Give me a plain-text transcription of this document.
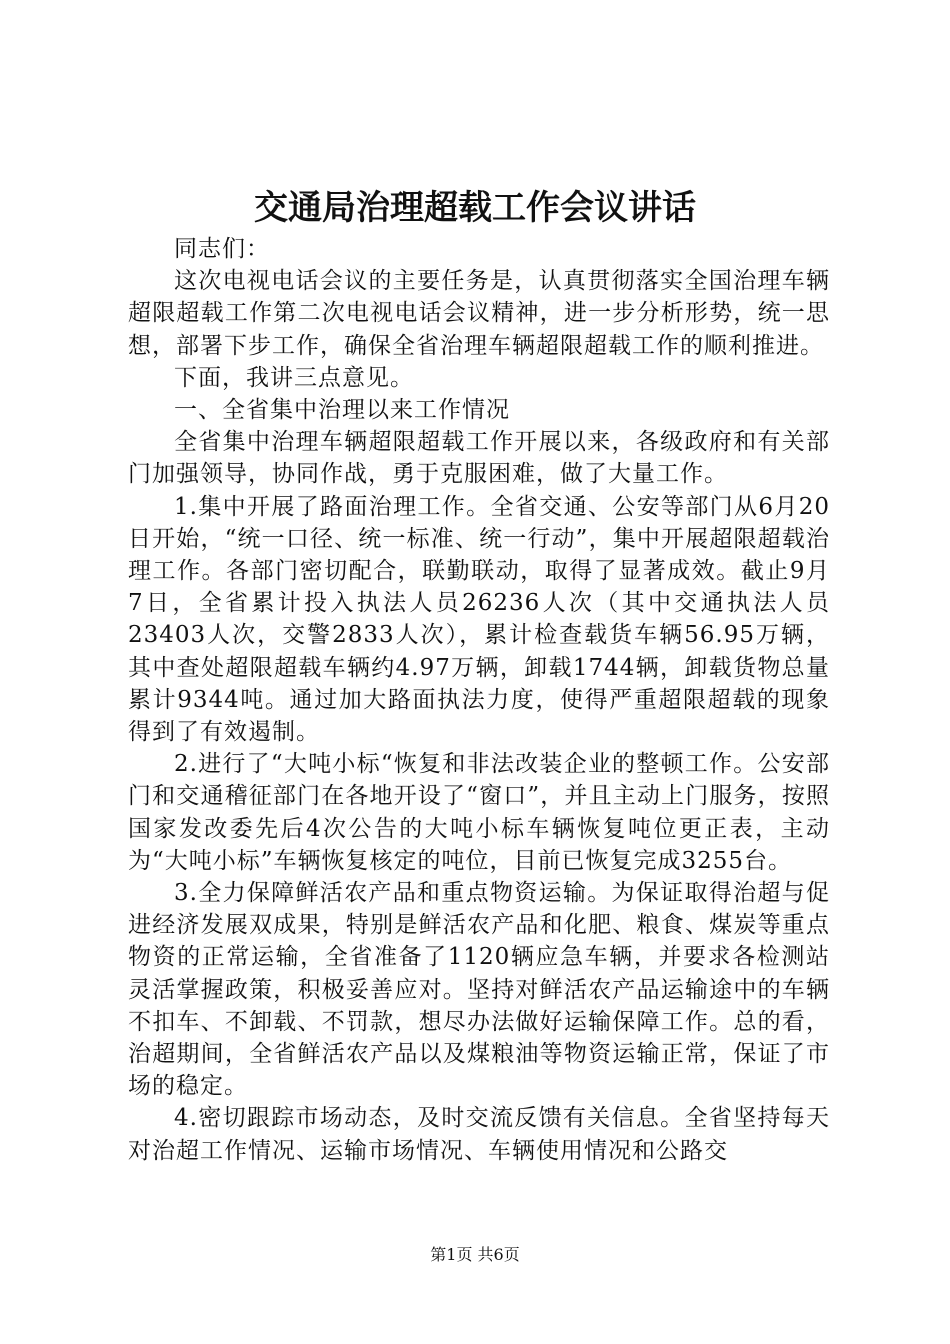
交通局治理超载工作会议讲话

同志们：

这次电视电话会议的主要任务是，认真贯彻落实全国治理车辆超限超载工作第二次电视电话会议精神，进一步分析形势，统一思想，部署下步工作，确保全省治理车辆超限超载工作的顺利推进。

下面，我讲三点意见。

一、全省集中治理以来工作情况

全省集中治理车辆超限超载工作开展以来，各级政府和有关部门加强领导，协同作战，勇于克服困难，做了大量工作。

1.集中开展了路面治理工作。全省交通、公安等部门从6月20日开始，“统一口径、统一标准、统一行动”，集中开展超限超载治理工作。各部门密切配合，联勤联动，取得了显著成效。截止9月7日，全省累计投入执法人员26236人次（其中交通执法人员23403人次，交警2833人次），累计检查载货车辆56.95万辆，其中查处超限超载车辆约4.97万辆，卸载1744辆，卸载货物总量累计9344吨。通过加大路面执法力度，使得严重超限超载的现象得到了有效遏制。

2.进行了“大吨小标“恢复和非法改装企业的整顿工作。公安部门和交通稽征部门在各地开设了“窗口”，并且主动上门服务，按照国家发改委先后4次公告的大吨小标车辆恢复吨位更正表，主动为“大吨小标”车辆恢复核定的吨位，目前已恢复完成3255台。

3.全力保障鲜活农产品和重点物资运输。为保证取得治超与促进经济发展双成果，特别是鲜活农产品和化肥、粮食、煤炭等重点物资的正常运输，全省准备了1120辆应急车辆，并要求各检测站灵活掌握政策，积极妥善应对。坚持对鲜活农产品运输途中的车辆不扣车、不卸载、不罚款，想尽办法做好运输保障工作。总的看，治超期间，全省鲜活农产品以及煤粮油等物资运输正常，保证了市场的稳定。

4.密切跟踪市场动态，及时交流反馈有关信息。全省坚持每天对治超工作情况、运输市场情况、车辆使用情况和公路交

第1页 共6页
